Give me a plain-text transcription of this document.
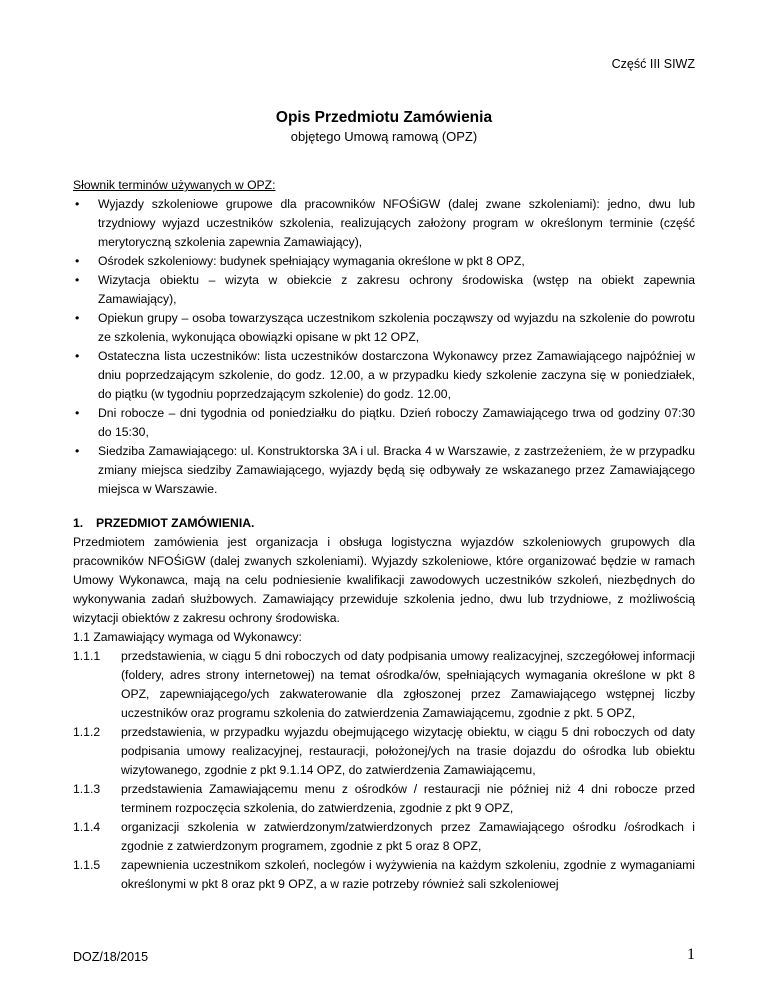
Część III SIWZ
Opis Przedmiotu Zamówienia
objętego Umową ramową (OPZ)
Słownik terminów używanych w OPZ:
• Wyjazdy szkoleniowe grupowe dla pracowników NFOŚiGW (dalej zwane szkoleniami): jedno, dwu lub trzydniowy wyjazd uczestników szkolenia, realizujących założony program w określonym terminie (część merytoryczną szkolenia zapewnia Zamawiający),
• Ośrodek szkoleniowy: budynek spełniający wymagania określone w pkt 8 OPZ,
• Wizytacja obiektu – wizyta w obiekcie z zakresu ochrony środowiska (wstęp na obiekt zapewnia Zamawiający),
• Opiekun grupy – osoba towarzysząca uczestnikom szkolenia począwszy od wyjazdu na szkolenie do powrotu ze szkolenia, wykonująca obowiązki opisane w pkt 12 OPZ,
• Ostateczna lista uczestników: lista uczestników dostarczona Wykonawcy przez Zamawiającego najpóźniej w dniu poprzedzającym szkolenie, do godz. 12.00, a w przypadku kiedy szkolenie zaczyna się w poniedziałek, do piątku (w tygodniu poprzedzającym szkolenie) do godz. 12.00,
• Dni robocze – dni tygodnia od poniedziałku do piątku. Dzień roboczy Zamawiającego trwa od godziny 07:30 do 15:30,
• Siedziba Zamawiającego: ul. Konstruktorska 3A i ul. Bracka 4 w Warszawie, z zastrzeżeniem, że w przypadku zmiany miejsca siedziby Zamawiającego, wyjazdy będą się odbywały ze wskazanego przez Zamawiającego miejsca w Warszawie.
1. PRZEDMIOT ZAMÓWIENIA.
Przedmiotem zamówienia jest organizacja i obsługa logistyczna wyjazdów szkoleniowych grupowych dla pracowników NFOŚiGW (dalej zwanych szkoleniami). Wyjazdy szkoleniowe, które organizować będzie w ramach Umowy Wykonawca, mają na celu podniesienie kwalifikacji zawodowych uczestników szkoleń, niezbędnych do wykonywania zadań służbowych. Zamawiający przewiduje szkolenia jedno, dwu lub trzydniowe, z możliwością wizytacji obiektów z zakresu ochrony środowiska.
1.1 Zamawiający wymaga od Wykonawcy:
1.1.1 przedstawienia, w ciągu 5 dni roboczych od daty podpisania umowy realizacyjnej, szczegółowej informacji (foldery, adres strony internetowej) na temat ośrodka/ów, spełniających wymagania określone w pkt 8 OPZ, zapewniającego/ych zakwaterowanie dla zgłoszonej przez Zamawiającego wstępnej liczby uczestników oraz programu szkolenia do zatwierdzenia Zamawiającemu, zgodnie z pkt. 5 OPZ,
1.1.2 przedstawienia, w przypadku wyjazdu obejmującego wizytację obiektu, w ciągu 5 dni roboczych od daty podpisania umowy realizacyjnej, restauracji, położonej/ych na trasie dojazdu do ośrodka lub obiektu wizytowanego, zgodnie z pkt 9.1.14 OPZ, do zatwierdzenia Zamawiającemu,
1.1.3 przedstawienia Zamawiającemu menu z ośrodków / restauracji nie później niż 4 dni robocze przed terminem rozpoczęcia szkolenia, do zatwierdzenia, zgodnie z pkt 9 OPZ,
1.1.4 organizacji szkolenia w zatwierdzonym/zatwierdzonych przez Zamawiającego ośrodku /ośrodkach i zgodnie z zatwierdzonym programem, zgodnie z pkt 5 oraz 8 OPZ,
1.1.5 zapewnienia uczestnikom szkoleń, noclegów i wyżywienia na każdym szkoleniu, zgodnie z wymaganiami określonymi w pkt 8 oraz pkt 9 OPZ, a w razie potrzeby również sali szkoleniowej
DOZ/18/2015	1
